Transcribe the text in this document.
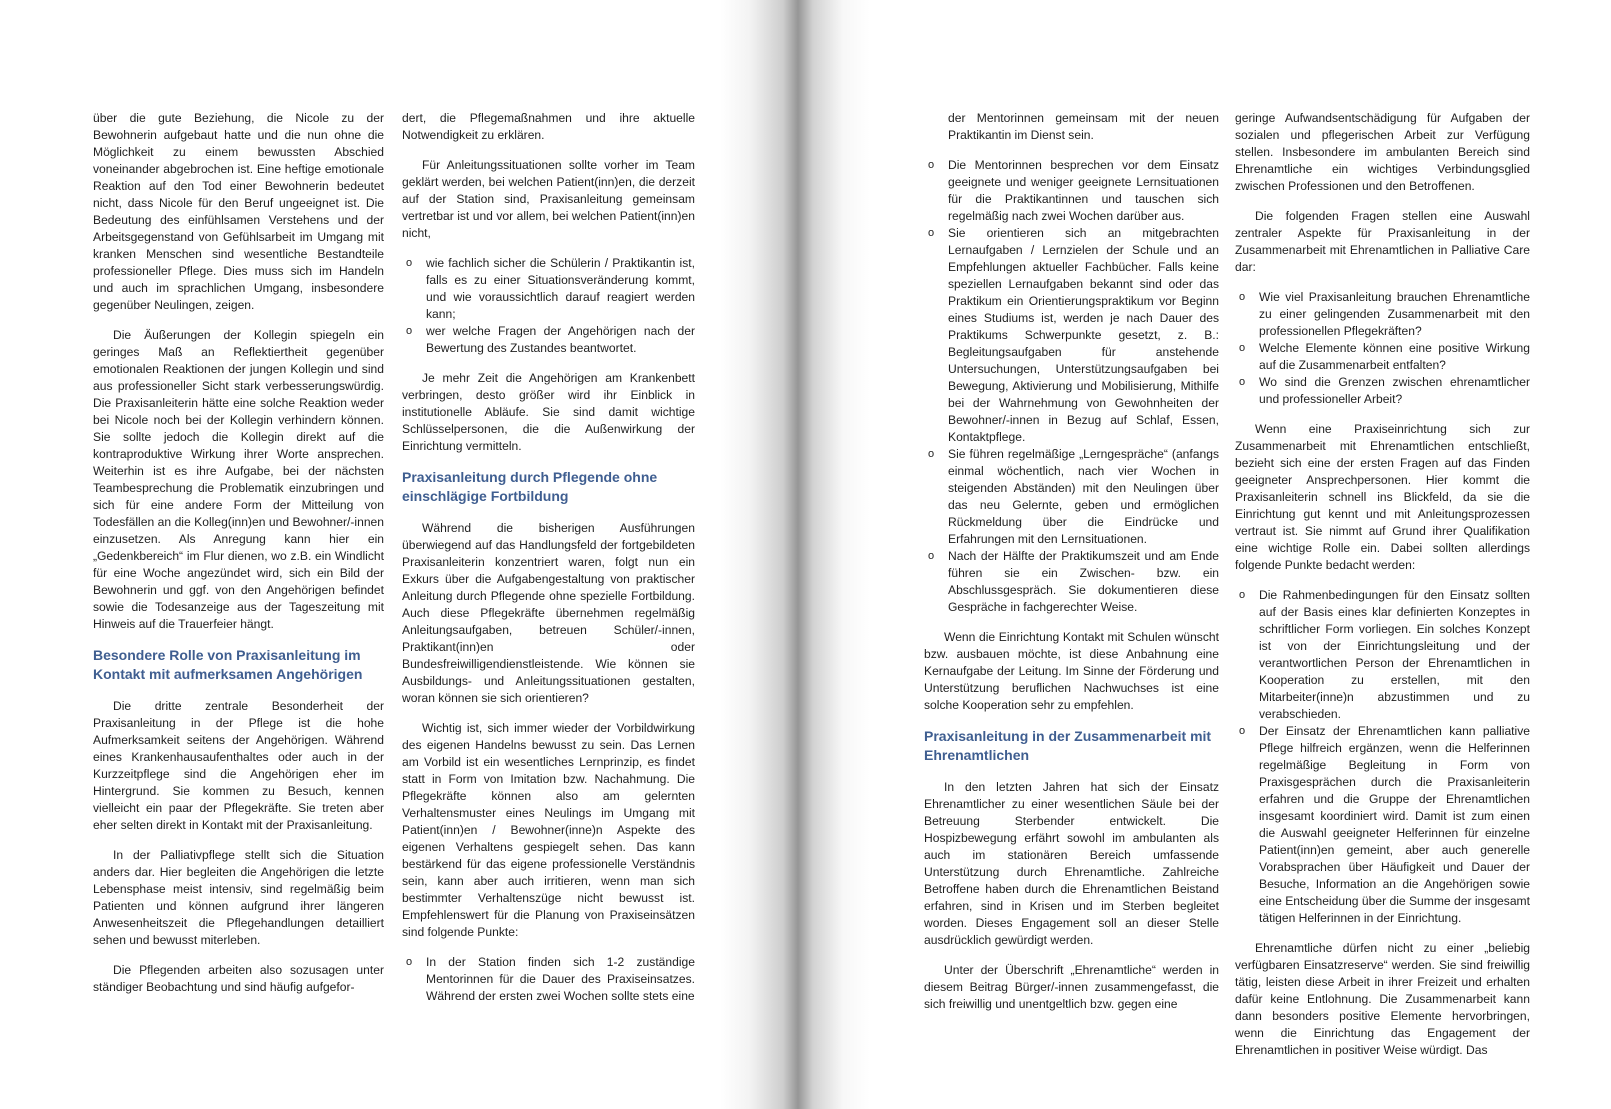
über die gute Beziehung, die Nicole zu der Bewohnerin aufgebaut hatte und die nun ohne die Möglichkeit zu einem bewussten Abschied voneinander abgebrochen ist. Eine heftige emotionale Reaktion auf den Tod einer Bewohnerin bedeutet nicht, dass Nicole für den Beruf ungeeignet ist. Die Bedeutung des einfühlsamen Verstehens und der Arbeitsgegenstand von Gefühlsarbeit im Umgang mit kranken Menschen sind wesentliche Bestandteile professioneller Pflege. Dies muss sich im Handeln und auch im sprachlichen Umgang, insbesondere gegenüber Neulingen, zeigen.

Die Äußerungen der Kollegin spiegeln ein geringes Maß an Reflektiertheit gegenüber emotionalen Reaktionen der jungen Kollegin und sind aus professioneller Sicht stark verbesserungswürdig. Die Praxisanleiterin hätte eine solche Reaktion weder bei Nicole noch bei der Kollegin verhindern können. Sie sollte jedoch die Kollegin direkt auf die kontraproduktive Wirkung ihrer Worte ansprechen. Weiterhin ist es ihre Aufgabe, bei der nächsten Teambesprechung die Problematik einzubringen und sich für eine andere Form der Mitteilung von Todesfällen an die Kolleg(inn)en und Bewohner/-innen einzusetzen. Als Anregung kann hier ein „Gedenkbereich“ im Flur dienen, wo z.B. ein Windlicht für eine Woche angezündet wird, sich ein Bild der Bewohnerin und ggf. von den Angehörigen befindet sowie die Todesanzeige aus der Tageszeitung mit Hinweis auf die Trauerfeier hängt.

Besondere Rolle von Praxisanleitung im Kontakt mit aufmerksamen Angehörigen

Die dritte zentrale Besonderheit der Praxisanleitung in der Pflege ist die hohe Aufmerksamkeit seitens der Angehörigen. Während eines Krankenhausaufenthaltes oder auch in der Kurzzeitpflege sind die Angehörigen eher im Hintergrund. Sie kommen zu Besuch, kennen vielleicht ein paar der Pflegekräfte. Sie treten aber eher selten direkt in Kontakt mit der Praxisanleitung.

In der Palliativpflege stellt sich die Situation anders dar. Hier begleiten die Angehörigen die letzte Lebensphase meist intensiv, sind regelmäßig beim Patienten und können aufgrund ihrer längeren Anwesenheitszeit die Pflegehandlungen detailliert sehen und bewusst miterleben.

Die Pflegenden arbeiten also sozusagen unter ständiger Beobachtung und sind häufig aufgefor-

dert, die Pflegemaßnahmen und ihre aktuelle Notwendigkeit zu erklären.

Für Anleitungssituationen sollte vorher im Team geklärt werden, bei welchen Patient(inn)en, die derzeit auf der Station sind, Praxisanleitung gemeinsam vertretbar ist und vor allem, bei welchen Patient(inn)en nicht,

o wie fachlich sicher die Schülerin / Praktikantin ist, falls es zu einer Situationsveränderung kommt, und wie voraussichtlich darauf reagiert werden kann;
o wer welche Fragen der Angehörigen nach der Bewertung des Zustandes beantwortet.

Je mehr Zeit die Angehörigen am Krankenbett verbringen, desto größer wird ihr Einblick in institutionelle Abläufe. Sie sind damit wichtige Schlüsselpersonen, die die Außenwirkung der Einrichtung vermitteln.

Praxisanleitung durch Pflegende ohne einschlägige Fortbildung

Während die bisherigen Ausführungen überwiegend auf das Handlungsfeld der fortgebildeten Praxisanleiterin konzentriert waren, folgt nun ein Exkurs über die Aufgabengestaltung von praktischer Anleitung durch Pflegende ohne spezielle Fortbildung. Auch diese Pflegekräfte übernehmen regelmäßig Anleitungsaufgaben, betreuen Schüler/-innen, Praktikant(inn)en oder Bundesfreiwilligendienstleistende. Wie können sie Ausbildungs- und Anleitungssituationen gestalten, woran können sie sich orientieren?

Wichtig ist, sich immer wieder der Vorbildwirkung des eigenen Handelns bewusst zu sein. Das Lernen am Vorbild ist ein wesentliches Lernprinzip, es findet statt in Form von Imitation bzw. Nachahmung. Die Pflegekräfte können also am gelernten Verhaltensmuster eines Neulings im Umgang mit Patient(inn)en / Bewohner(inne)n Aspekte des eigenen Verhaltens gespiegelt sehen. Das kann bestärkend für das eigene professionelle Verständnis sein, kann aber auch irritieren, wenn man sich bestimmter Verhaltenszüge nicht bewusst ist. Empfehlenswert für die Planung von Praxiseinsätzen sind folgende Punkte:

o In der Station finden sich 1-2 zuständige Mentorinnen für die Dauer des Praxiseinsatzes. Während der ersten zwei Wochen sollte stets eine

der Mentorinnen gemeinsam mit der neuen Praktikantin im Dienst sein.

o Die Mentorinnen besprechen vor dem Einsatz geeignete und weniger geeignete Lernsituationen für die Praktikantinnen und tauschen sich regelmäßig nach zwei Wochen darüber aus.
o Sie orientieren sich an mitgebrachten Lernaufgaben / Lernzielen der Schule und an Empfehlungen aktueller Fachbücher. Falls keine speziellen Lernaufgaben bekannt sind oder das Praktikum ein Orientierungspraktikum vor Beginn eines Studiums ist, werden je nach Dauer des Praktikums Schwerpunkte gesetzt, z. B.: Begleitungsaufgaben für anstehende Untersuchungen, Unterstützungsaufgaben bei Bewegung, Aktivierung und Mobilisierung, Mithilfe bei der Wahrnehmung von Gewohnheiten der Bewohner/-innen in Bezug auf Schlaf, Essen, Kontaktpflege.
o Sie führen regelmäßige „Lerngespräche“ (anfangs einmal wöchentlich, nach vier Wochen in steigenden Abständen) mit den Neulingen über das neu Gelernte, geben und ermöglichen Rückmeldung über die Eindrücke und Erfahrungen mit den Lernsituationen.
o Nach der Hälfte der Praktikumszeit und am Ende führen sie ein Zwischen- bzw. ein Abschlussgespräch. Sie dokumentieren diese Gespräche in fachgerechter Weise.

Wenn die Einrichtung Kontakt mit Schulen wünscht bzw. ausbauen möchte, ist diese Anbahnung eine Kernaufgabe der Leitung. Im Sinne der Förderung und Unterstützung beruflichen Nachwuchses ist eine solche Kooperation sehr zu empfehlen.

Praxisanleitung in der Zusammenarbeit mit Ehrenamtlichen

In den letzten Jahren hat sich der Einsatz Ehrenamtlicher zu einer wesentlichen Säule bei der Betreuung Sterbender entwickelt. Die Hospizbewegung erfährt sowohl im ambulanten als auch im stationären Bereich umfassende Unterstützung durch Ehrenamtliche. Zahlreiche Betroffene haben durch die Ehrenamtlichen Beistand erfahren, sind in Krisen und im Sterben begleitet worden. Dieses Engagement soll an dieser Stelle ausdrücklich gewürdigt werden.

Unter der Überschrift „Ehrenamtliche“ werden in diesem Beitrag Bürger/-innen zusammengefasst, die sich freiwillig und unentgeltlich bzw. gegen eine

geringe Aufwandsentschädigung für Aufgaben der sozialen und pflegerischen Arbeit zur Verfügung stellen. Insbesondere im ambulanten Bereich sind Ehrenamtliche ein wichtiges Verbindungsglied zwischen Professionen und den Betroffenen.

Die folgenden Fragen stellen eine Auswahl zentraler Aspekte für Praxisanleitung in der Zusammenarbeit mit Ehrenamtlichen in Palliative Care dar:

o Wie viel Praxisanleitung brauchen Ehrenamtliche zu einer gelingenden Zusammenarbeit mit den professionellen Pflegekräften?
o Welche Elemente können eine positive Wirkung auf die Zusammenarbeit entfalten?
o Wo sind die Grenzen zwischen ehrenamtlicher und professioneller Arbeit?

Wenn eine Praxiseinrichtung sich zur Zusammenarbeit mit Ehrenamtlichen entschließt, bezieht sich eine der ersten Fragen auf das Finden geeigneter Ansprechpersonen. Hier kommt die Praxisanleiterin schnell ins Blickfeld, da sie die Einrichtung gut kennt und mit Anleitungsprozessen vertraut ist. Sie nimmt auf Grund ihrer Qualifikation eine wichtige Rolle ein. Dabei sollten allerdings folgende Punkte bedacht werden:

o Die Rahmenbedingungen für den Einsatz sollten auf der Basis eines klar definierten Konzeptes in schriftlicher Form vorliegen. Ein solches Konzept ist von der Einrichtungsleitung und der verantwortlichen Person der Ehrenamtlichen in Kooperation zu erstellen, mit den Mitarbeiter(inne)n abzustimmen und zu verabschieden.
o Der Einsatz der Ehrenamtlichen kann palliative Pflege hilfreich ergänzen, wenn die Helferinnen regelmäßige Begleitung in Form von Praxisgesprächen durch die Praxisanleiterin erfahren und die Gruppe der Ehrenamtlichen insgesamt koordiniert wird. Damit ist zum einen die Auswahl geeigneter Helferinnen für einzelne Patient(inn)en gemeint, aber auch generelle Vorabsprachen über Häufigkeit und Dauer der Besuche, Information an die Angehörigen sowie eine Entscheidung über die Summe der insgesamt tätigen Helferinnen in der Einrichtung.

Ehrenamtliche dürfen nicht zu einer „beliebig verfügbaren Einsatzreserve“ werden. Sie sind freiwillig tätig, leisten diese Arbeit in ihrer Freizeit und erhalten dafür keine Entlohnung. Die Zusammenarbeit kann dann besonders positive Elemente hervorbringen, wenn die Einrichtung das Engagement der Ehrenamtlichen in positiver Weise würdigt. Das
